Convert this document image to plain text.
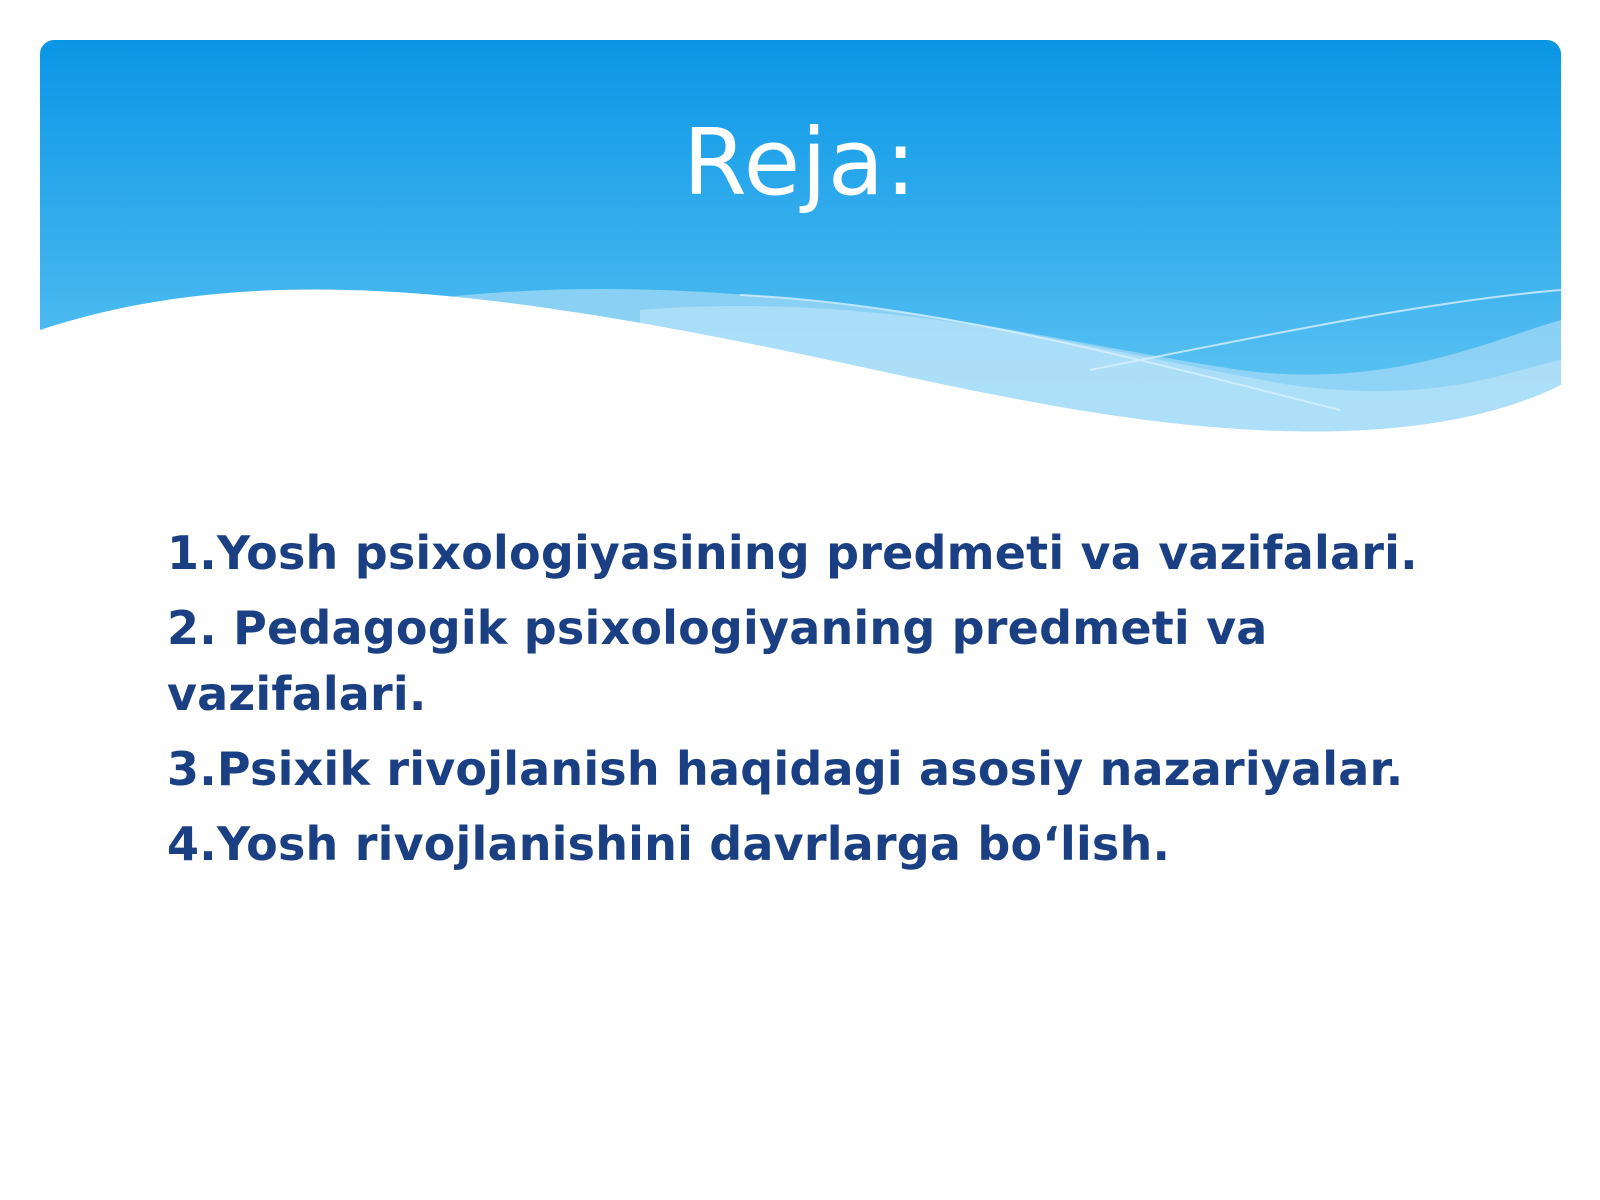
Reja:
1.Yosh psixologiyasining predmeti va vazifalari.
2. Pedagogik psixologiyaning predmeti va vazifalari.
3.Psixik rivojlanish haqidagi asosiy nazariyalar.
4.Yosh rivojlanishini davrlarga bo‘lish.
